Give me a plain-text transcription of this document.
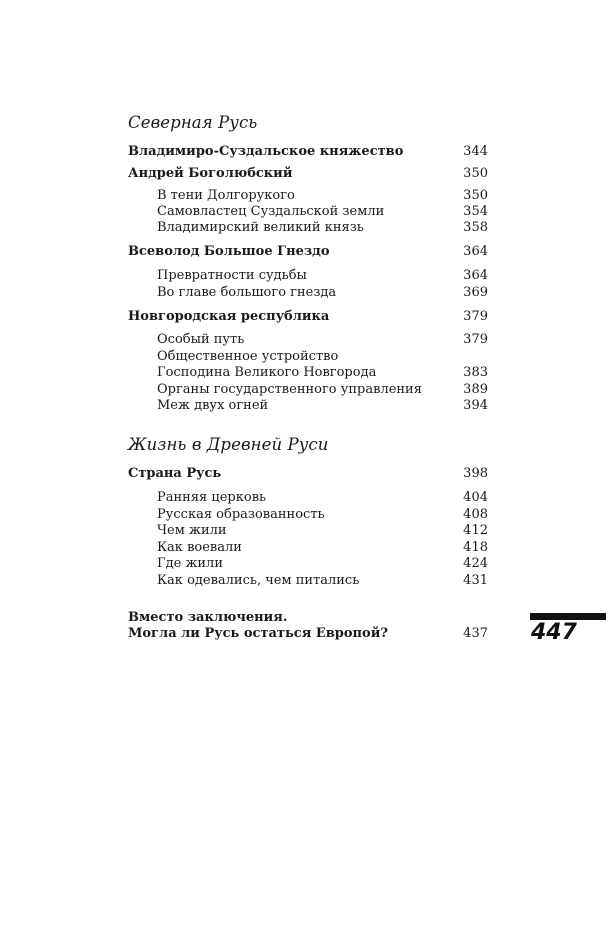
Северная Русь
Владимиро-Суздальское княжество	344
Андрей Боголюбский	350
В тени Долгорукого	350
Самовластец Суздальской земли	354
Владимирский великий князь	358
Всеволод Большое Гнездо	364
Превратности судьбы	364
Во главе большого гнезда	369
Новгородская республика	379
Особый путь	379
Общественное устройство
Господина Великого Новгорода	383
Органы государственного управления	389
Меж двух огней	394
Жизнь в Древней Руси
Страна Русь	398
Ранняя церковь	404
Русская образованность	408
Чем жили	412
Как воевали	418
Где жили	424
Как одевались, чем питались	431
Вместо заключения.
Могла ли Русь остаться Европой?	437 447
